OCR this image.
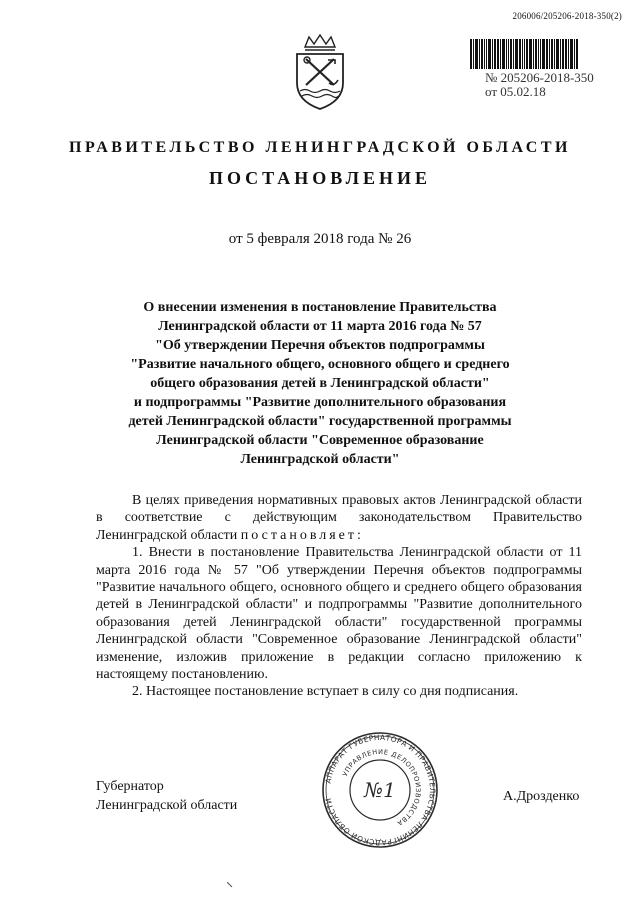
206006/205206-2018-350(2)
№ 205206-2018-350
от 05.02.18
ПРАВИТЕЛЬСТВО ЛЕНИНГРАДСКОЙ ОБЛАСТИ
ПОСТАНОВЛЕНИЕ
от 5 февраля 2018 года № 26
О внесении изменения в постановление Правительства
Ленинградской области от 11 марта 2016 года № 57
"Об утверждении Перечня объектов подпрограммы
"Развитие начального общего, основного общего и среднего
общего образования детей в Ленинградской области"
и подпрограммы "Развитие дополнительного образования
детей Ленинградской области" государственной программы
Ленинградской области "Современное образование
Ленинградской области"

В целях приведения нормативных правовых актов Ленинградской области в соответствие с действующим законодательством Правительство Ленинградской области постановляет:

1. Внести в постановление Правительства Ленинградской области от 11 марта 2016 года № 57 "Об утверждении Перечня объектов подпрограммы "Развитие начального общего, основного общего и среднего общего образования детей в Ленинградской области" и подпрограммы "Развитие дополнительного образования детей Ленинградской области" государственной программы Ленинградской области "Современное образование Ленинградской области" изменение, изложив приложение в редакции согласно приложению к настоящему постановлению.

2. Настоящее постановление вступает в силу со дня подписания.

Губернатор
Ленинградской области
АППАРАТ ГУБЕРНАТОРА И ПРАВИТЕЛЬСТВА ЛЕНИНГРАДСКОЙ ОБЛАСТИ
УПРАВЛЕНИЕ ДЕЛОПРОИЗВОДСТВА
№1	А.Дрозденко
